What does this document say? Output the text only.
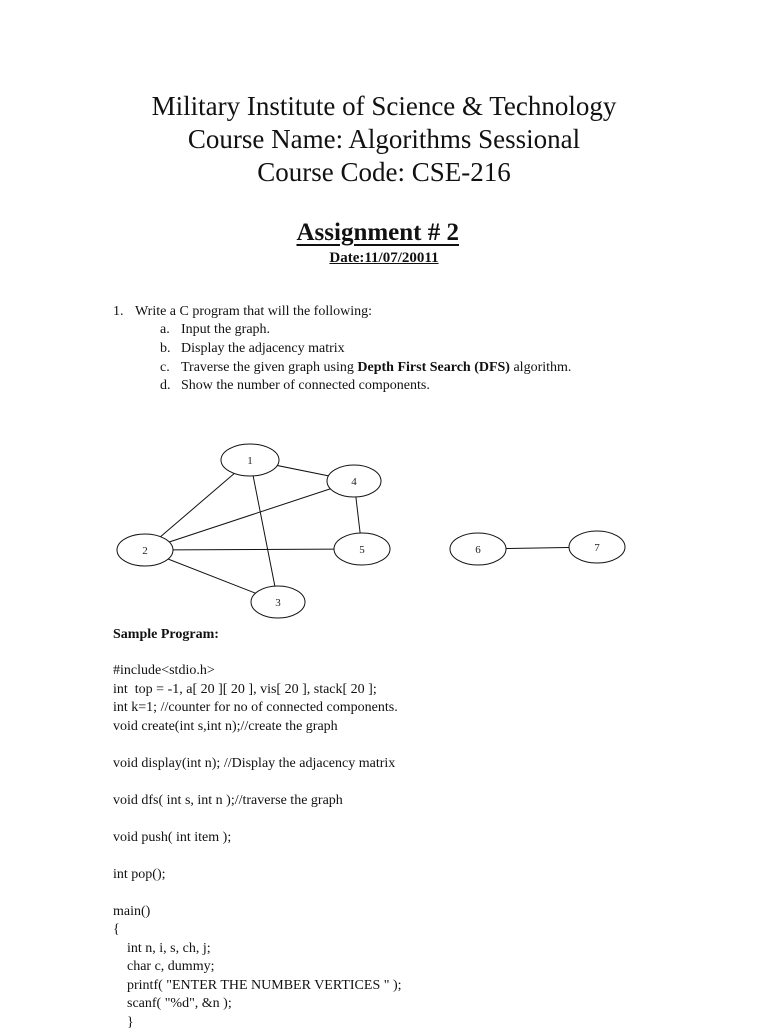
Military Institute of Science & Technology
Course Name: Algorithms Sessional
Course Code: CSE-216
Assignment # 2
Date:11/07/20011
1. Write a C program that will the following:
a. Input the graph.
b. Display the adjacency matrix
c. Traverse the given graph using Depth First Search (DFS) algorithm.
d. Show the number of connected components.
1
2
3
4
5	6	7
Sample Program:
#include<stdio.h>
int  top = -1, a[ 20 ][ 20 ], vis[ 20 ], stack[ 20 ];
int k=1; //counter for no of connected components.
void create(int s,int n);//create the graph
void display(int n); //Display the adjacency matrix
void dfs( int s, int n );//traverse the graph
void push( int item );
int pop();
main()
{
int n, i, s, ch, j;
char c, dummy;
printf( "ENTER THE NUMBER VERTICES " );
scanf( "%d", &n );
}
